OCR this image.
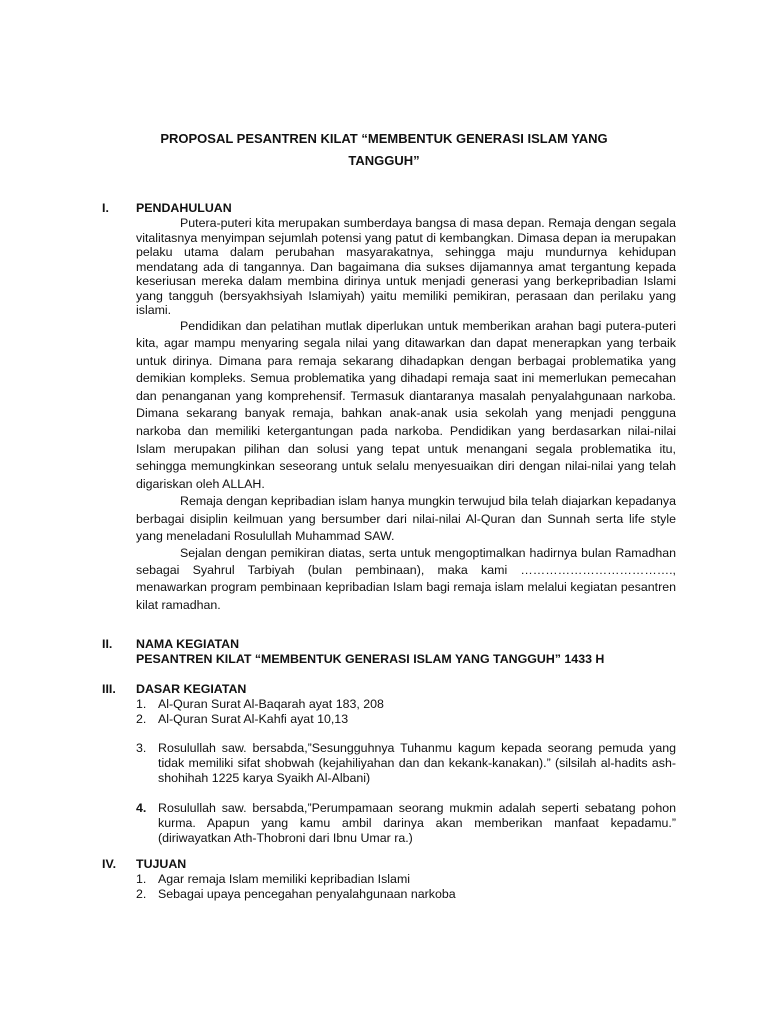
PROPOSAL PESANTREN KILAT “MEMBENTUK GENERASI ISLAM YANG
TANGGUH”
I. PENDAHULUAN

Putera-puteri kita merupakan sumberdaya bangsa di masa depan. Remaja dengan segala vitalitasnya menyimpan sejumlah potensi yang patut di kembangkan. Dimasa depan ia merupakan pelaku utama dalam perubahan masyarakatnya, sehingga maju mundurnya kehidupan mendatang ada di tangannya. Dan bagaimana dia sukses dijamannya amat tergantung kepada keseriusan mereka dalam membina dirinya untuk menjadi generasi yang berkepribadian Islami yang tangguh (bersyakhsiyah Islamiyah) yaitu memiliki pemikiran, perasaan dan perilaku yang islami.

Pendidikan dan pelatihan mutlak diperlukan untuk memberikan arahan bagi putera-puteri kita, agar mampu menyaring segala nilai yang ditawarkan dan dapat menerapkan yang terbaik untuk dirinya. Dimana para remaja sekarang dihadapkan dengan berbagai problematika yang demikian kompleks. Semua problematika yang dihadapi remaja saat ini memerlukan pemecahan dan penanganan yang komprehensif. Termasuk diantaranya masalah penyalahgunaan narkoba. Dimana sekarang banyak remaja, bahkan anak-anak usia sekolah yang menjadi pengguna narkoba dan memiliki ketergantungan pada narkoba. Pendidikan yang berdasarkan nilai-nilai Islam merupakan pilihan dan solusi yang tepat untuk menangani segala problematika itu, sehingga memungkinkan seseorang untuk selalu menyesuaikan diri dengan nilai-nilai yang telah digariskan oleh ALLAH.

Remaja dengan kepribadian islam hanya mungkin terwujud bila telah diajarkan kepadanya berbagai disiplin keilmuan yang bersumber dari nilai-nilai Al-Quran dan Sunnah serta life style yang meneladani Rosulullah Muhammad SAW.

Sejalan dengan pemikiran diatas, serta untuk mengoptimalkan hadirnya bulan Ramadhan sebagai Syahrul Tarbiyah (bulan pembinaan), maka kami ………………………………., menawarkan program pembinaan kepribadian Islam bagi remaja islam melalui kegiatan pesantren kilat ramadhan.

II. NAMA KEGIATAN
PESANTREN KILAT “MEMBENTUK GENERASI ISLAM YANG TANGGUH” 1433 H
III. DASAR KEGIATAN
1. Al-Quran Surat Al-Baqarah ayat 183, 208
2. Al-Quran Surat Al-Kahfi ayat 10,13
3. Rosulullah saw. bersabda,”Sesungguhnya Tuhanmu kagum kepada seorang pemuda yang tidak memiliki sifat shobwah (kejahiliyahan dan dan kekank-kanakan).” (silsilah al-hadits ash-shohihah 1225 karya Syaikh Al-Albani)
4. Rosulullah saw. bersabda,”Perumpamaan seorang mukmin adalah seperti sebatang pohon kurma. Apapun yang kamu ambil darinya akan memberikan manfaat kepadamu.” (diriwayatkan Ath-Thobroni dari Ibnu Umar ra.)
IV. TUJUAN
1. Agar remaja Islam memiliki kepribadian Islami
2. Sebagai upaya pencegahan penyalahgunaan narkoba
